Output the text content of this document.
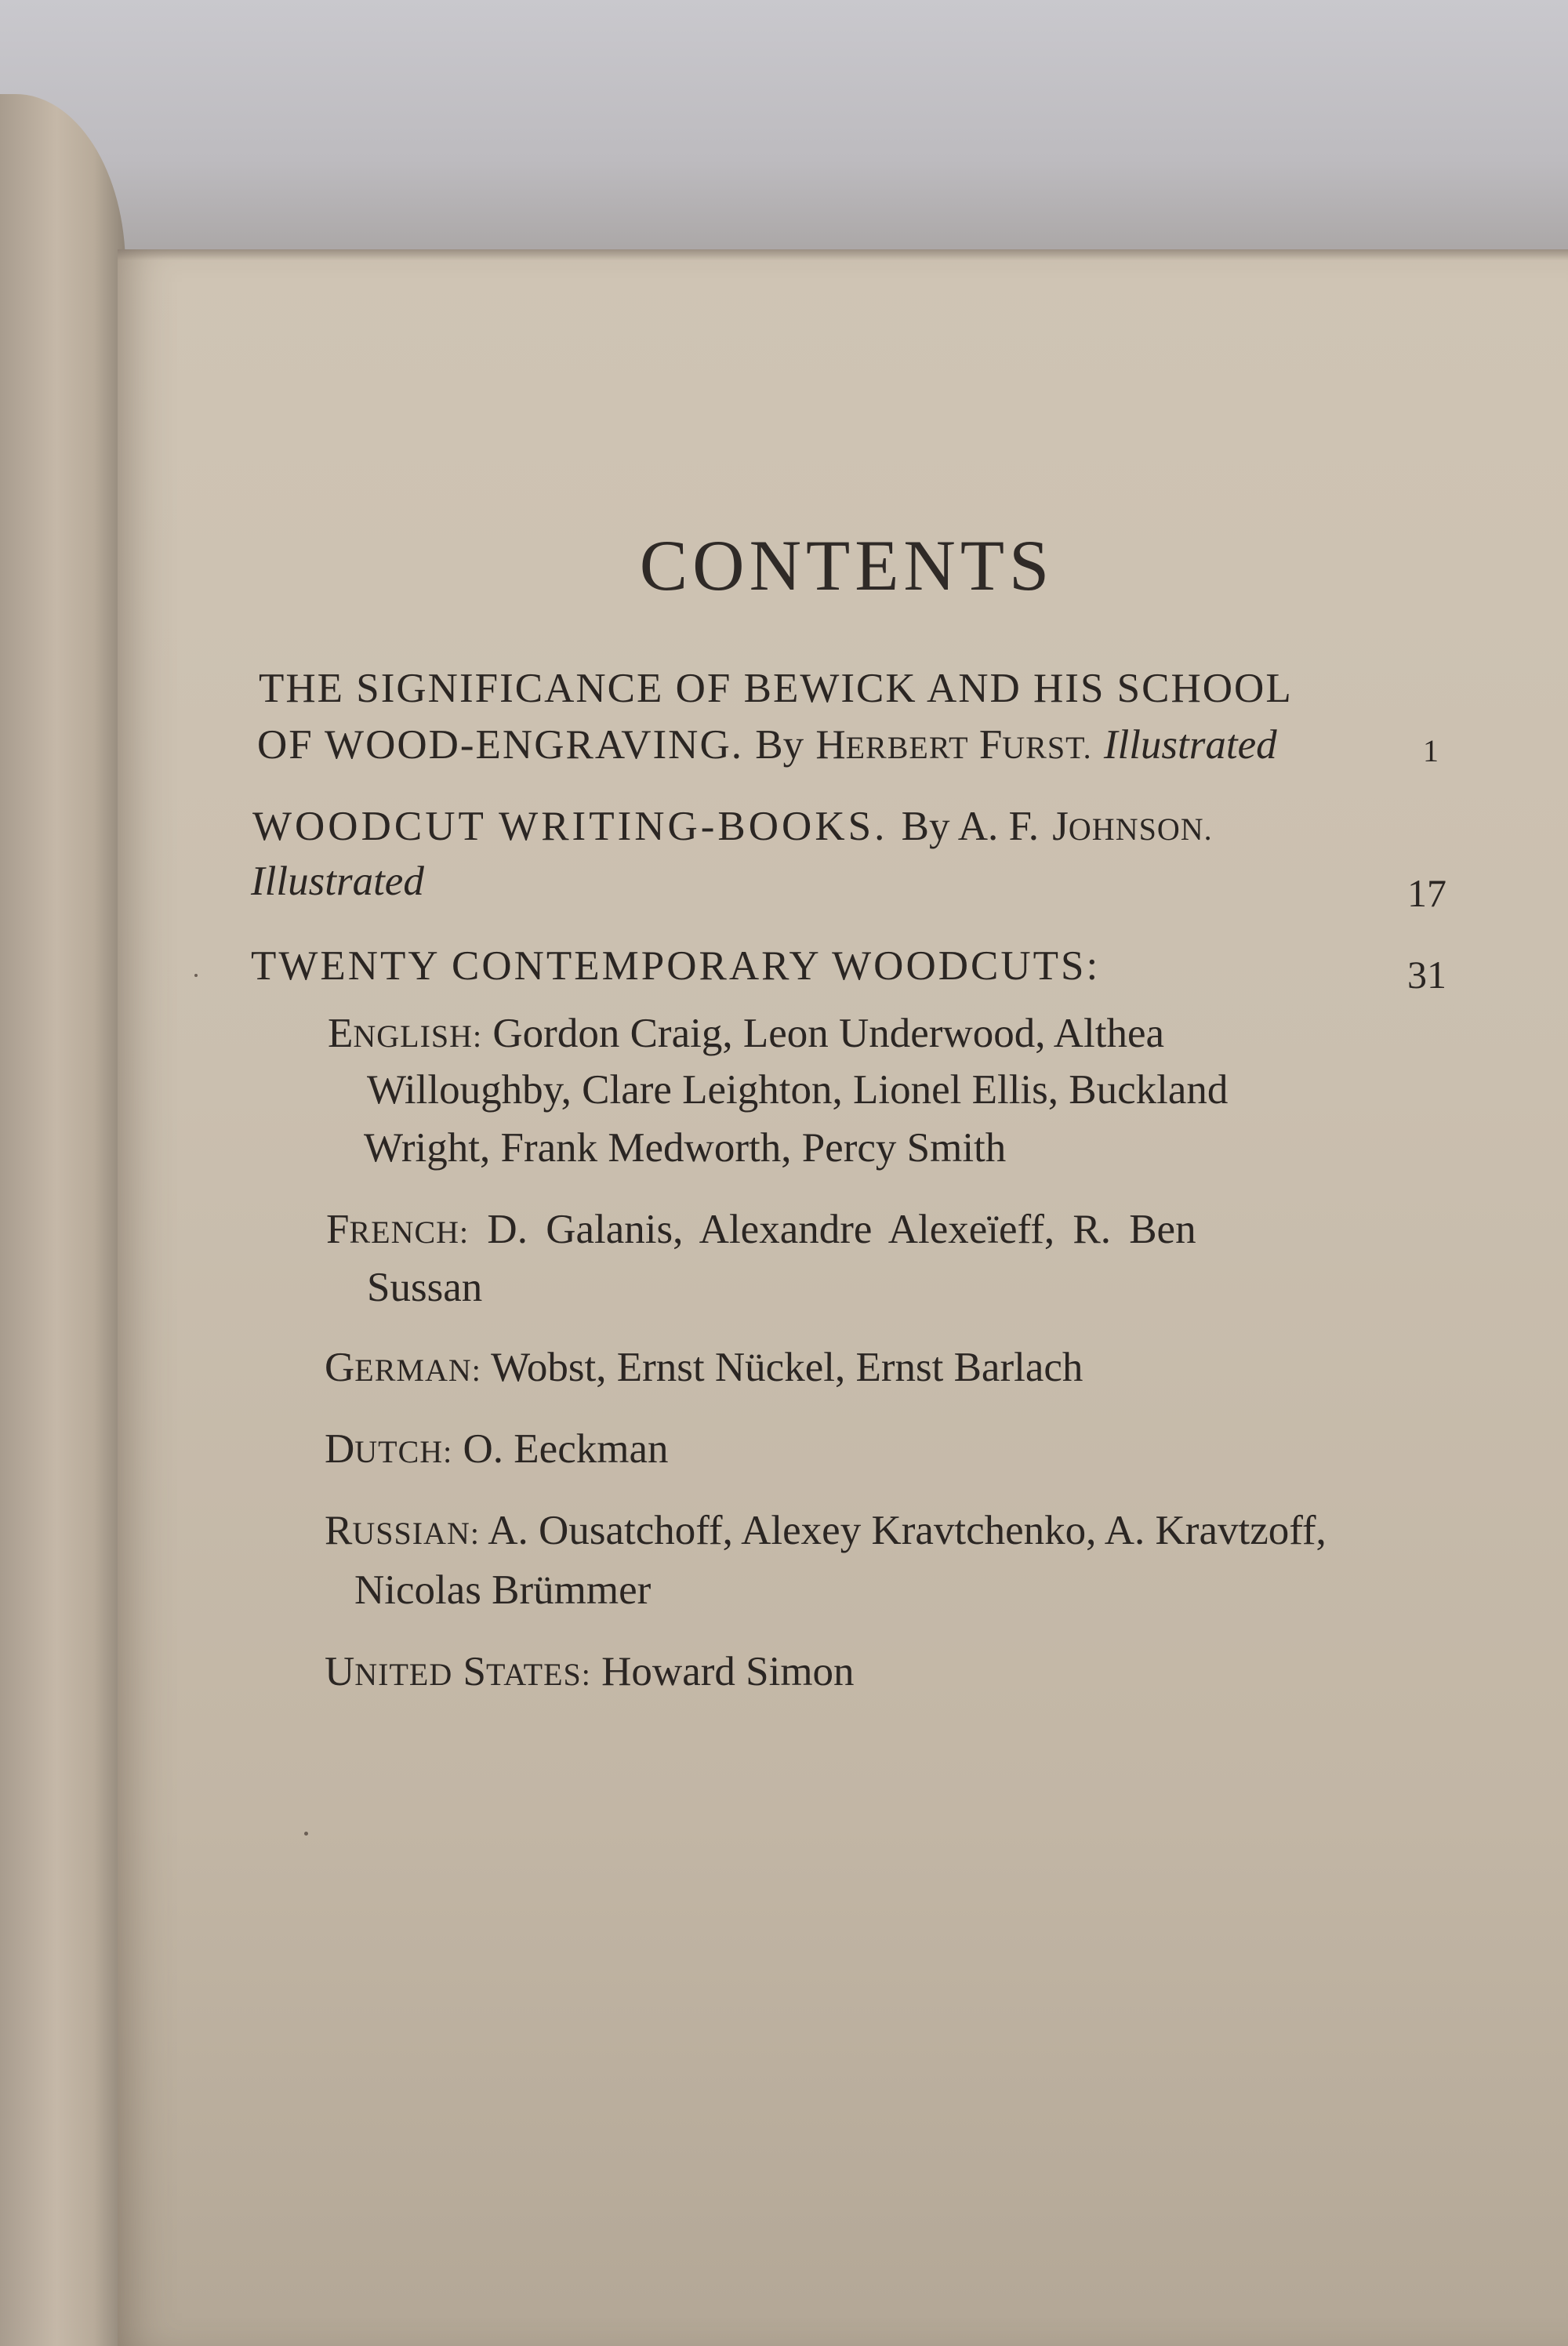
CONTENTS
THE SIGNIFICANCE OF BEWICK AND HIS SCHOOL
OF WOOD-ENGRAVING. By HERBERT FURST. Illustrated	1
WOODCUT WRITING-BOOKS. By A. F. JOHNSON.
Illustrated	17
TWENTY CONTEMPORARY WOODCUTS:	31
ENGLISH: Gordon Craig, Leon Underwood, Althea
Willoughby, Clare Leighton, Lionel Ellis, Buckland
Wright, Frank Medworth, Percy Smith
FRENCH: D. Galanis, Alexandre Alexeïeff, R. Ben
Sussan
GERMAN: Wobst, Ernst Nückel, Ernst Barlach
DUTCH: O. Eeckman
RUSSIAN: A. Ousatchoff, Alexey Kravtchenko, A. Kravtzoff,
Nicolas Brümmer
UNITED STATES: Howard Simon
